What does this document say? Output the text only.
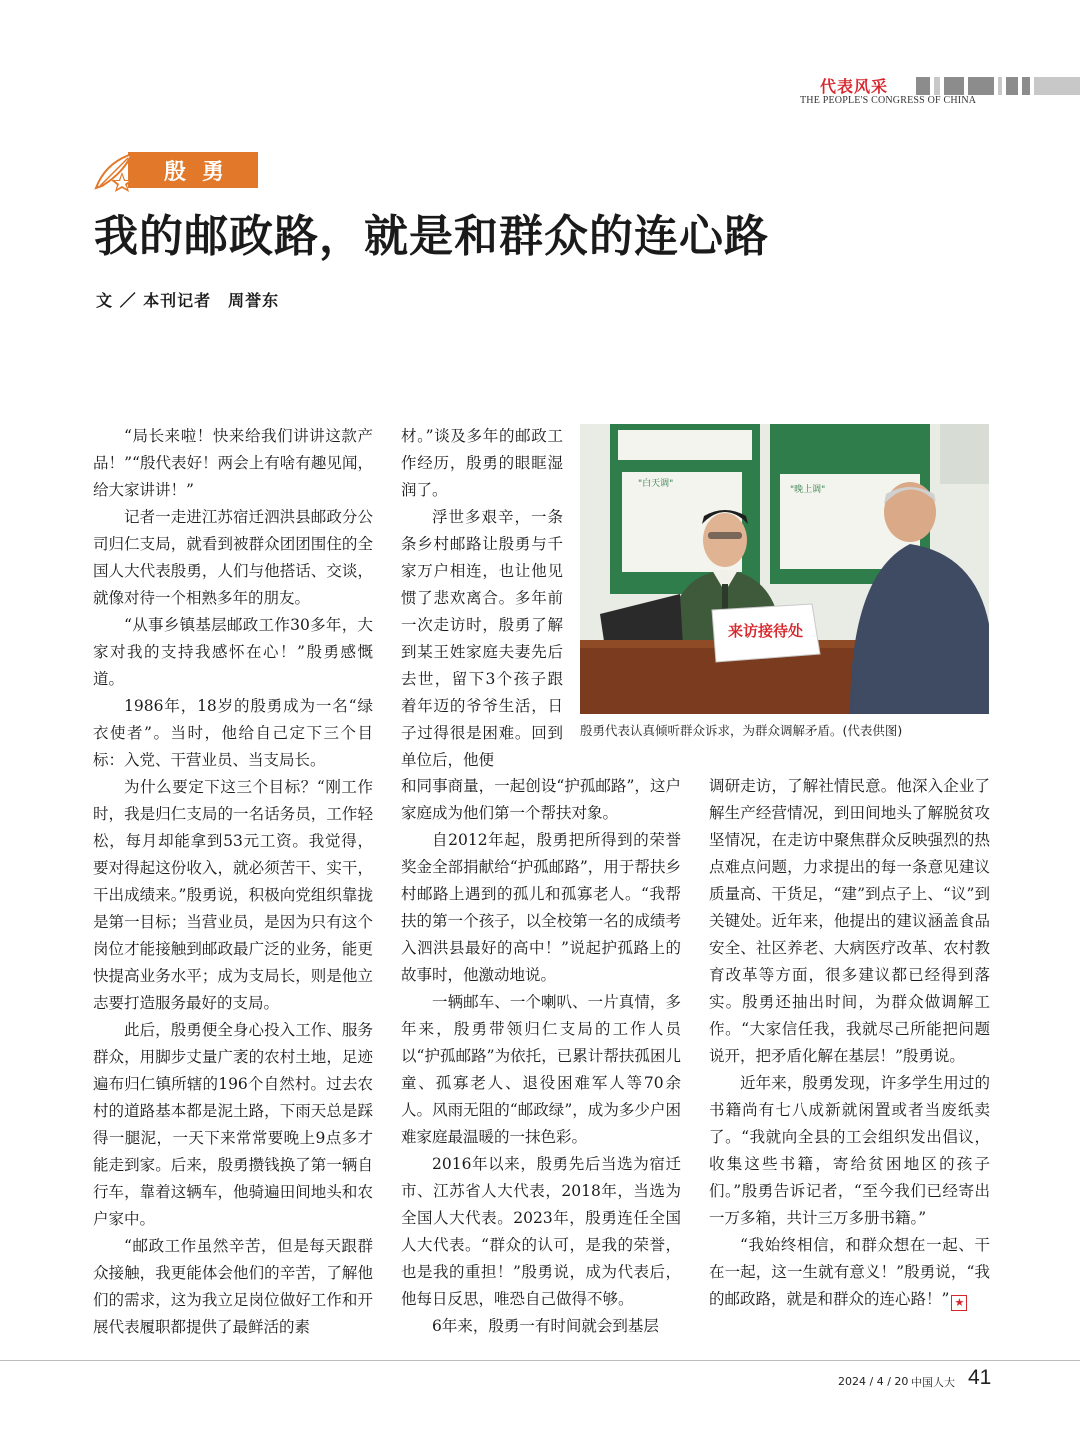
代表风采
THE PEOPLE'S CONGRESS OF CHINA
殷勇
我的邮政路，就是和群众的连心路
文 ／ 本刊记者　周誉东

“局长来啦！快来给我们讲讲这款产品！”“殷代表好！两会上有啥有趣见闻，给大家讲讲！”

记者一走进江苏宿迁泗洪县邮政分公司归仁支局，就看到被群众团团围住的全国人大代表殷勇，人们与他搭话、交谈，就像对待一个相熟多年的朋友。

“从事乡镇基层邮政工作30多年，大家对我的支持我感怀在心！”殷勇感慨道。

1986年，18岁的殷勇成为一名“绿衣使者”。当时，他给自己定下三个目标：入党、干营业员、当支局长。

为什么要定下这三个目标？“刚工作时，我是归仁支局的一名话务员，工作轻松，每月却能拿到53元工资。我觉得，要对得起这份收入，就必须苦干、实干，干出成绩来。”殷勇说，积极向党组织靠拢是第一目标；当营业员，是因为只有这个岗位才能接触到邮政最广泛的业务，能更快提高业务水平；成为支局长，则是他立志要打造服务最好的支局。

此后，殷勇便全身心投入工作、服务群众，用脚步丈量广袤的农村土地，足迹遍布归仁镇所辖的196个自然村。过去农村的道路基本都是泥土路，下雨天总是踩得一腿泥，一天下来常常要晚上9点多才能走到家。后来，殷勇攒钱换了第一辆自行车，靠着这辆车，他骑遍田间地头和农户家中。

“邮政工作虽然辛苦，但是每天跟群众接触，我更能体会他们的辛苦，了解他们的需求，这为我立足岗位做好工作和开展代表履职都提供了最鲜活的素

材。”谈及多年的邮政工作经历，殷勇的眼眶湿润了。

浮世多艰辛，一条条乡村邮路让殷勇与千家万户相连，也让他见惯了悲欢离合。多年前一次走访时，殷勇了解到某王姓家庭夫妻先后去世，留下3个孩子跟着年迈的爷爷生活，日子过得很是困难。回到单位后，他便

"白天调"
"晚上调"
来访接待处
殷勇代表认真倾听群众诉求，为群众调解矛盾。(代表供图)

和同事商量，一起创设“护孤邮路”，这户家庭成为他们第一个帮扶对象。

自2012年起，殷勇把所得到的荣誉奖金全部捐献给“护孤邮路”，用于帮扶乡村邮路上遇到的孤儿和孤寡老人。“我帮扶的第一个孩子，以全校第一名的成绩考入泗洪县最好的高中！”说起护孤路上的故事时，他激动地说。

一辆邮车、一个喇叭、一片真情，多年来，殷勇带领归仁支局的工作人员以“护孤邮路”为依托，已累计帮扶孤困儿童、孤寡老人、退役困难军人等70余人。风雨无阻的“邮政绿”，成为多少户困难家庭最温暖的一抹色彩。

2016年以来，殷勇先后当选为宿迁市、江苏省人大代表，2018年，当选为全国人大代表。2023年，殷勇连任全国人大代表。“群众的认可，是我的荣誉，也是我的重担！”殷勇说，成为代表后，他每日反思，唯恐自己做得不够。

6年来，殷勇一有时间就会到基层

调研走访，了解社情民意。他深入企业了解生产经营情况，到田间地头了解脱贫攻坚情况，在走访中聚焦群众反映强烈的热点难点问题，力求提出的每一条意见建议质量高、干货足，“建”到点子上、“议”到关键处。近年来，他提出的建议涵盖食品安全、社区养老、大病医疗改革、农村教育改革等方面，很多建议都已经得到落实。殷勇还抽出时间，为群众做调解工作。“大家信任我，我就尽己所能把问题说开，把矛盾化解在基层！”殷勇说。

近年来，殷勇发现，许多学生用过的书籍尚有七八成新就闲置或者当废纸卖了。“我就向全县的工会组织发出倡议，收集这些书籍，寄给贫困地区的孩子们。”殷勇告诉记者，“至今我们已经寄出一万多箱，共计三万多册书籍。”

“我始终相信，和群众想在一起、干在一起，这一生就有意义！”殷勇说，“我的邮政路，就是和群众的连心路！” ★

2024 / 4 / 20 中国人大 41
